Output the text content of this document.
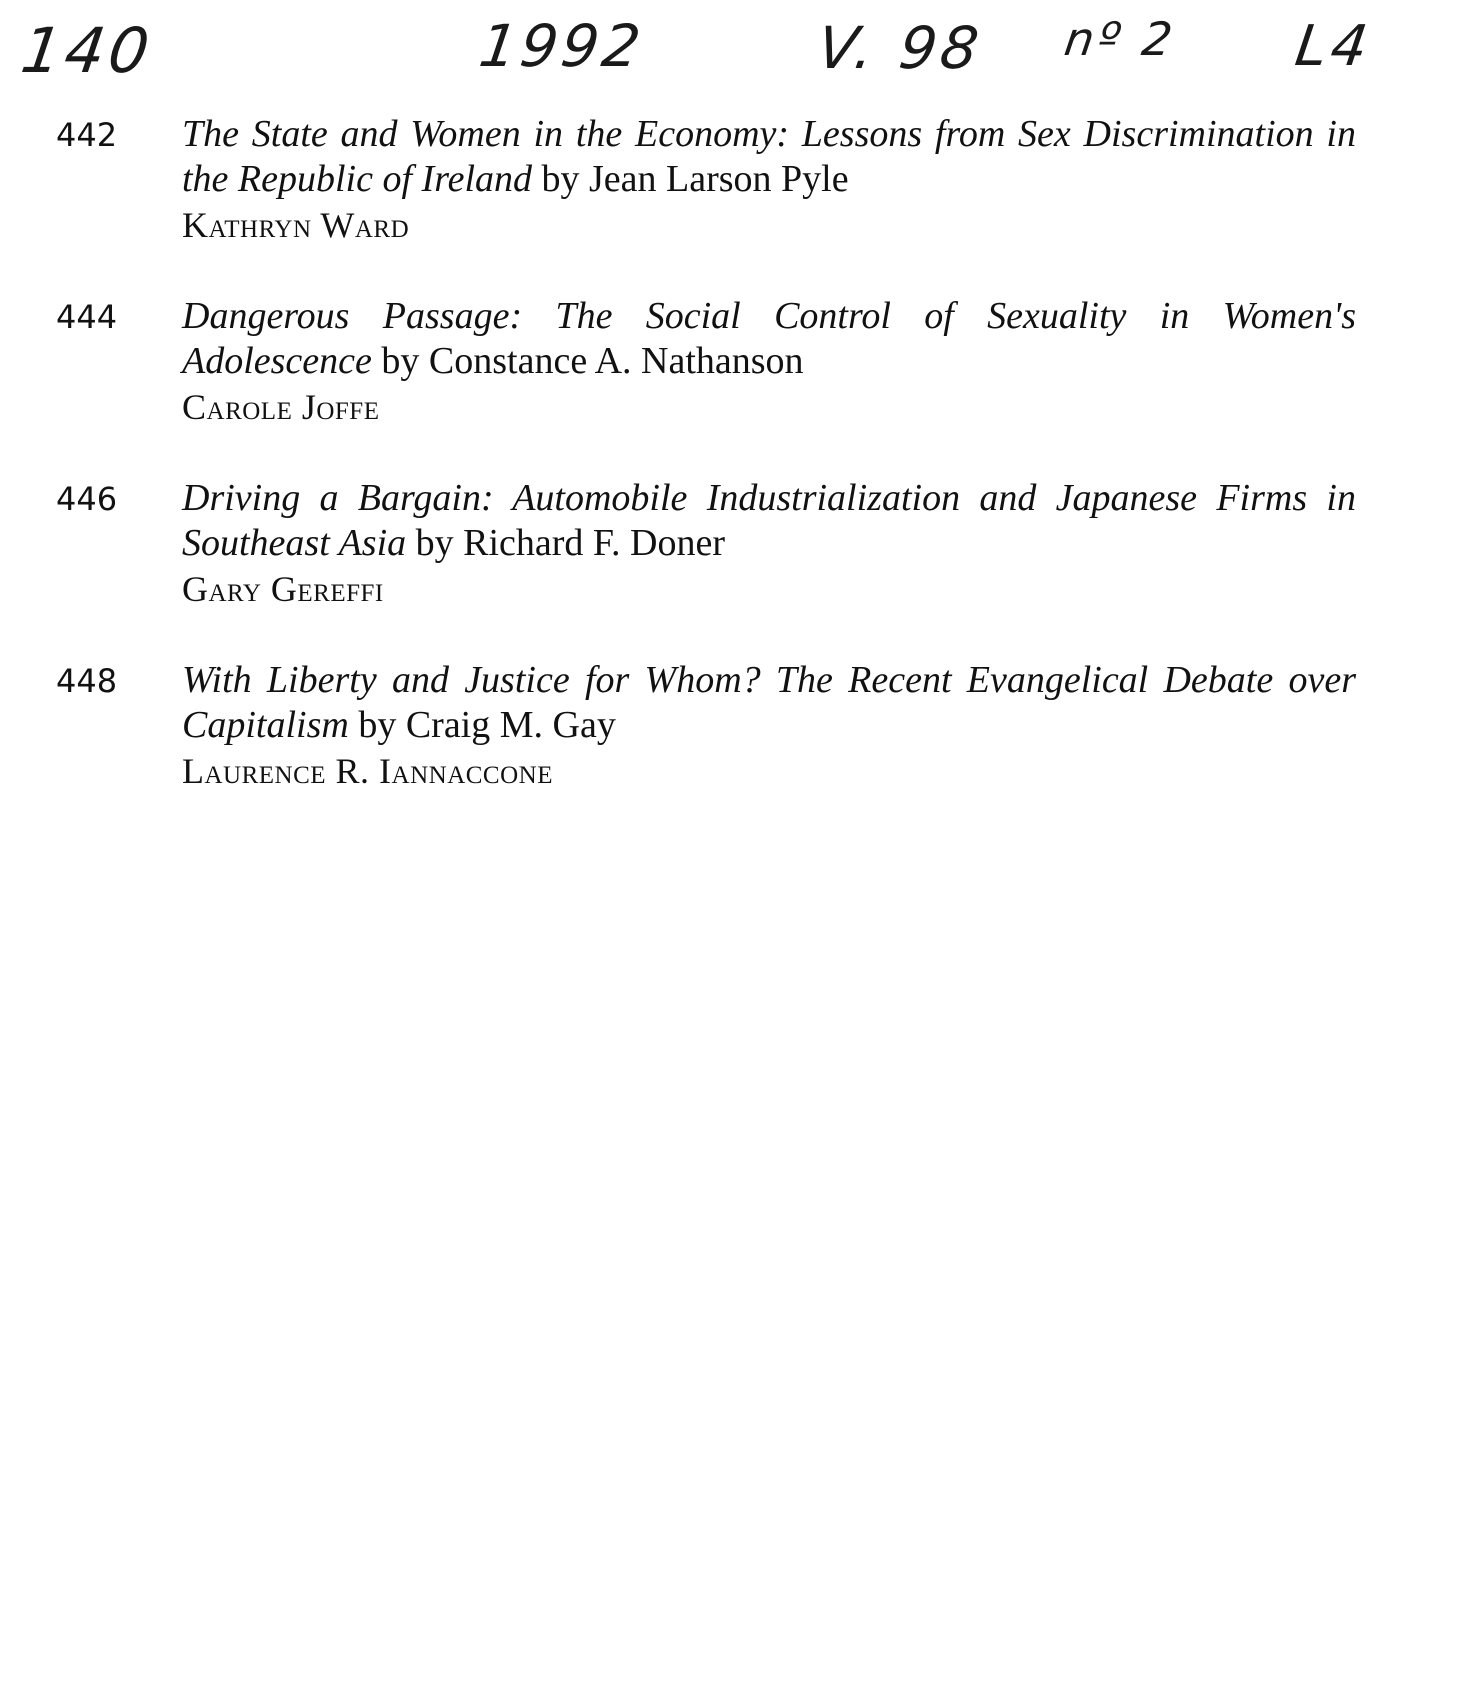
140	1992	V. 98 nº 2 L4
442	The State and Women in the Economy: Lessons from Sex Discrimination in the Republic of Ireland by Jean Larson Pyle
Kathryn Ward
444	Dangerous Passage: The Social Control of Sexuality in Women's Adolescence by Constance A. Nathanson
Carole Joffe
446	Driving a Bargain: Automobile Industrialization and Japanese Firms in Southeast Asia by Richard F. Doner
Gary Gereffi
448	With Liberty and Justice for Whom? The Recent Evangelical Debate over Capitalism by Craig M. Gay
Laurence R. Iannaccone
